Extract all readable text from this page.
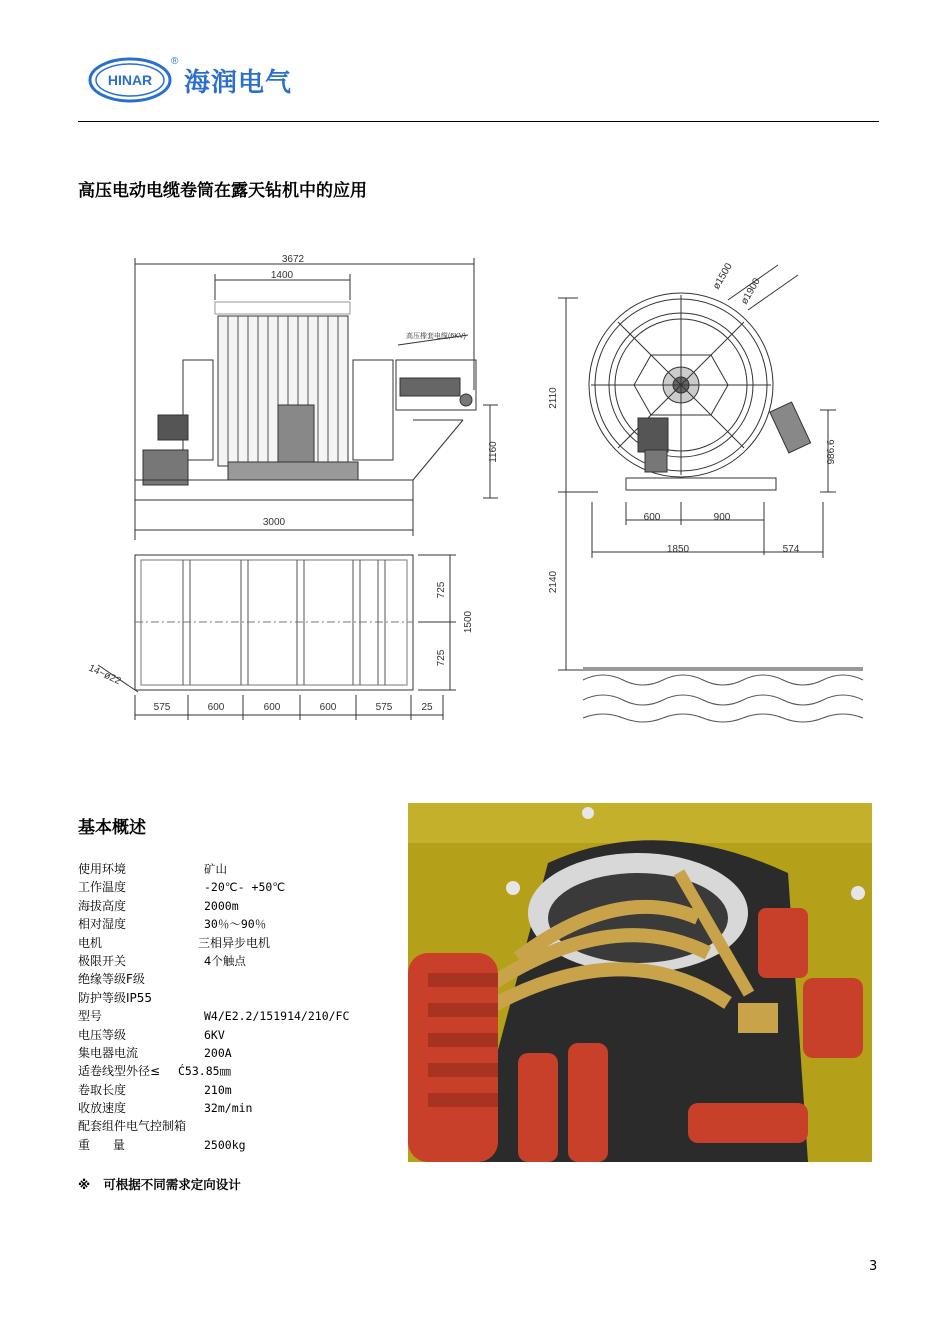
HINAR
®
海润电气
高压电动电缆卷筒在露天钻机中的应用
3672
1400
高压橡套电缆(6KV)
1160
3000
14~ø22
575	600	600	600	575	25
725
725
1500
ø1500 ø1900
2110
986.6
600	900
1850	574
2140
基本概述
使用环境	矿山
工作温度	-20℃- +50℃
海拔高度	2000m
相对湿度	30％～90％
电机	三相异步电机
极限开关	4个触点
绝缘等级F级
防护等级IP55
型号	W4/E2.2/151914/210/FC
电压等级	6KV
集电器电流	200A
适卷线型外径≤ Ć53.85㎜
卷取长度	210m
收放速度	32m/min
配套组件电气控制箱
重      量	2500kg
※   可根据不同需求定向设计
3
